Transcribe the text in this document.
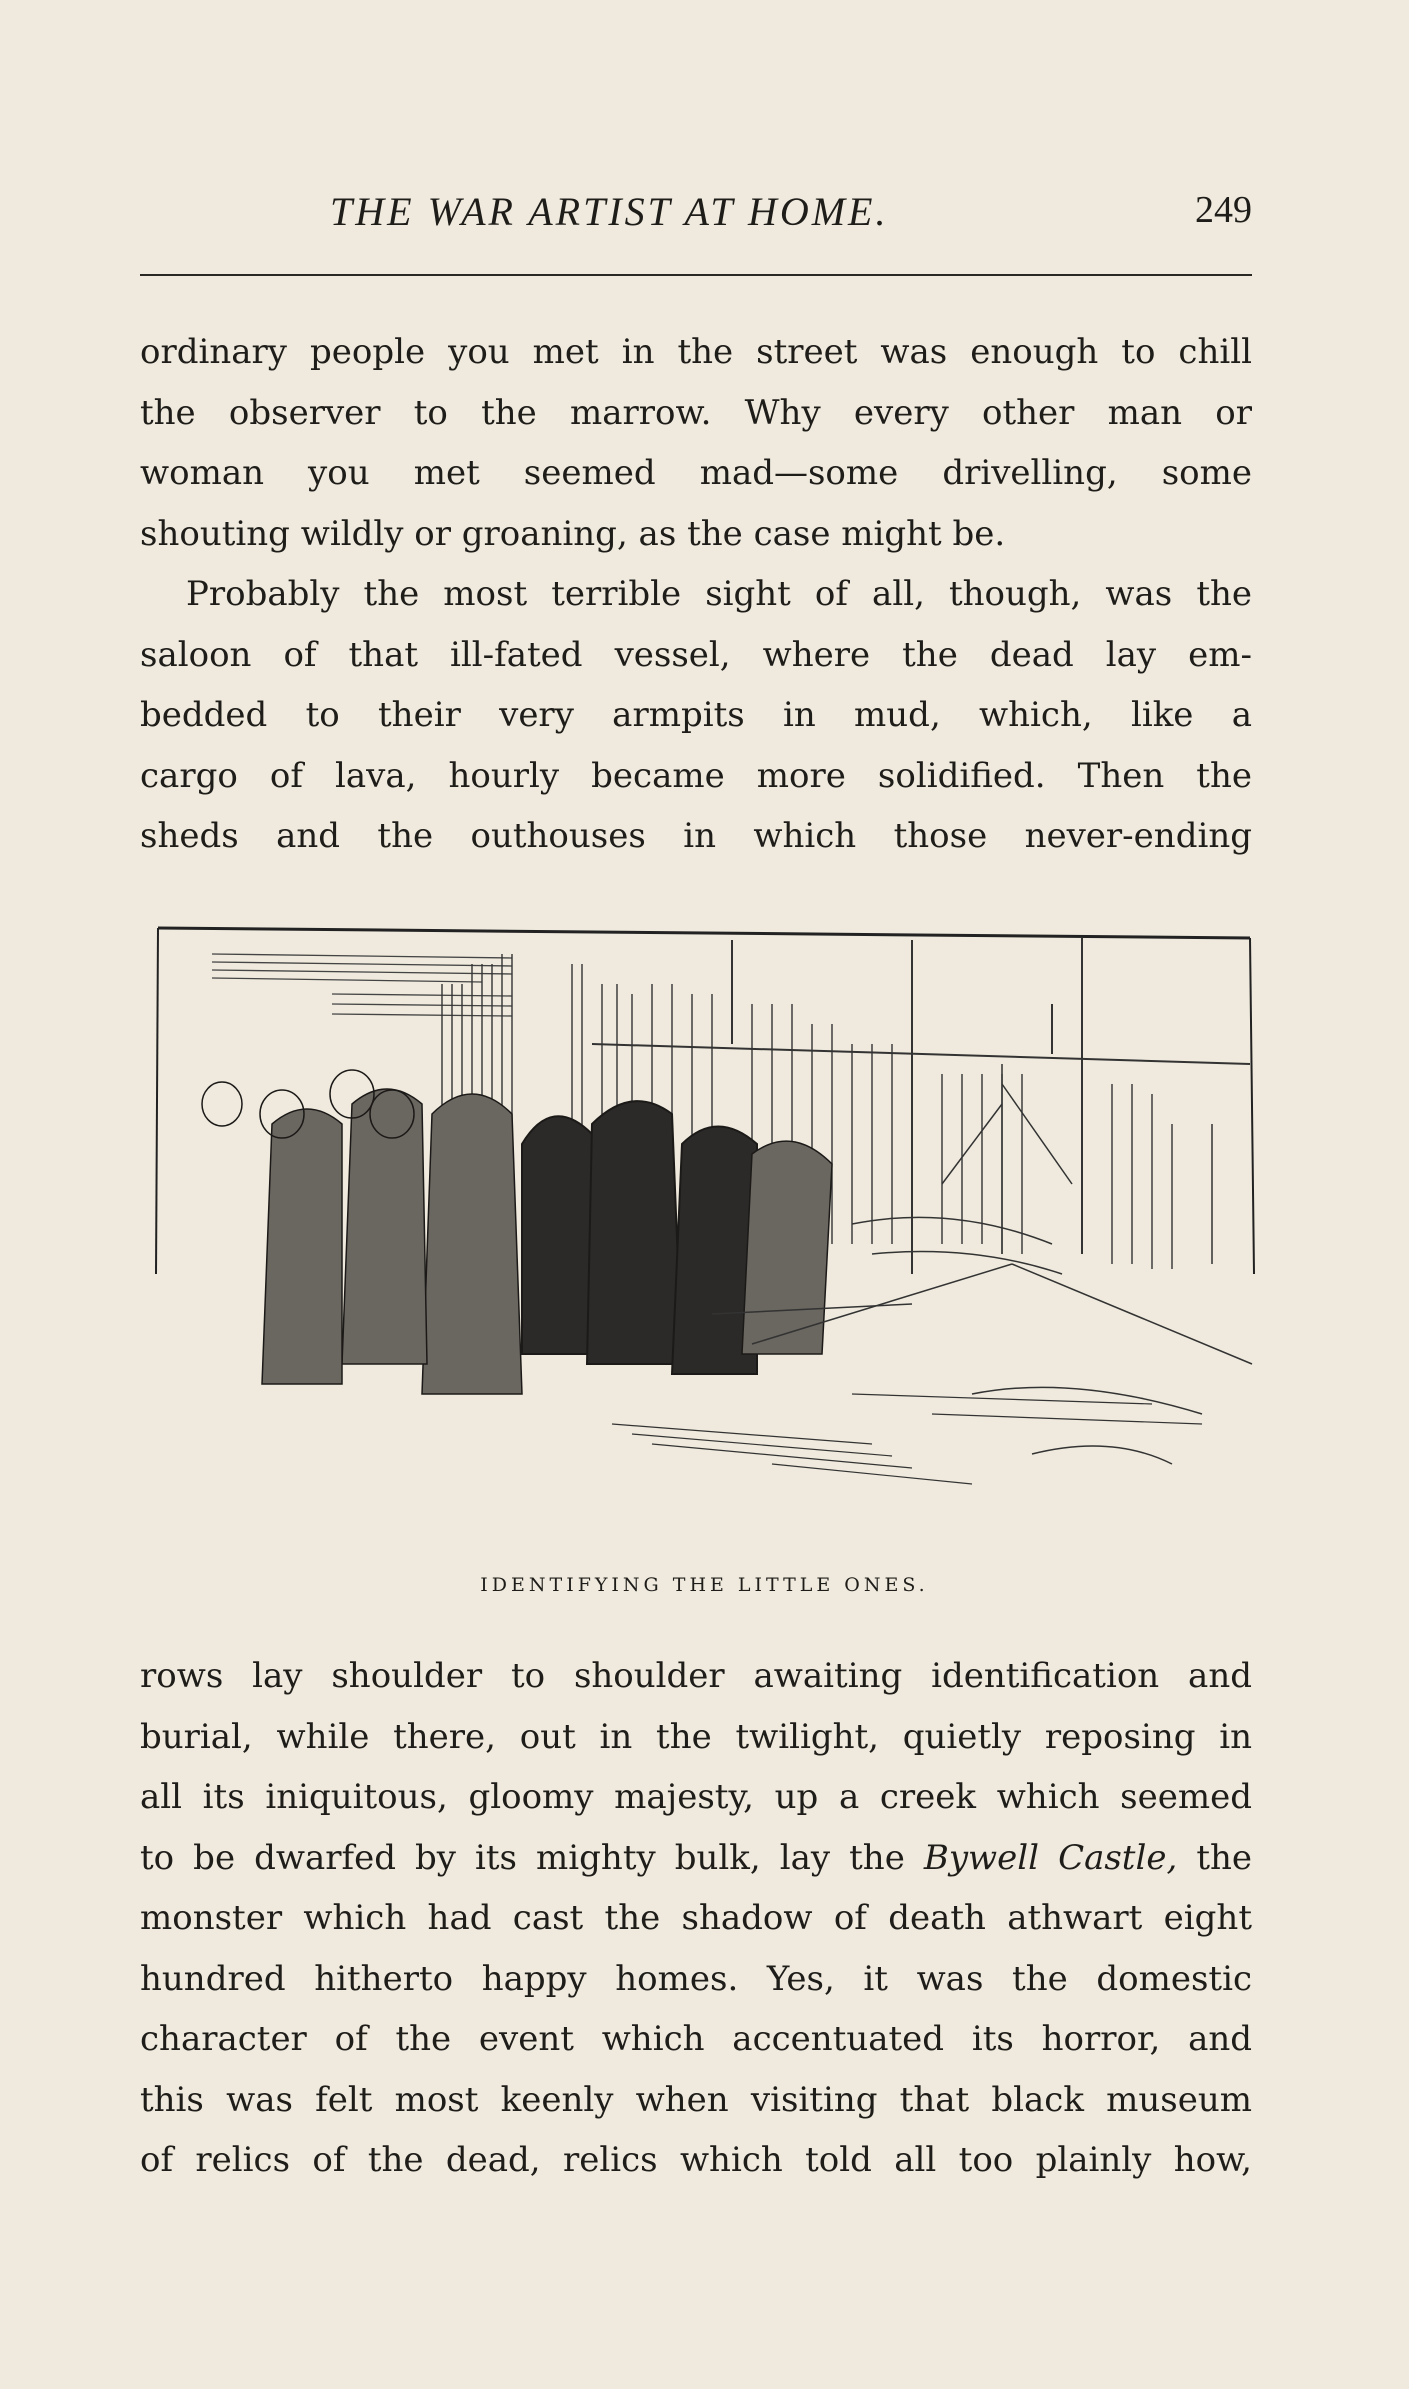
THE WAR ARTIST AT HOME.	249
ordinary people you met in the street was enough to chill
the observer to the marrow. Why every other man or
woman you met seemed mad—some drivelling, some
shouting wildly or groaning, as the case might be.
Probably the most terrible sight of all, though, was the
saloon of that ill-fated vessel, where the dead lay em-
bedded to their very armpits in mud, which, like a
cargo of lava, hourly became more solidified. Then the
sheds and the outhouses in which those never-ending
IDENTIFYING THE LITTLE ONES.
rows lay shoulder to shoulder awaiting identification and
burial, while there, out in the twilight, quietly reposing in
all its iniquitous, gloomy majesty, up a creek which seemed
to be dwarfed by its mighty bulk, lay the Bywell Castle, the
monster which had cast the shadow of death athwart eight
hundred hitherto happy homes. Yes, it was the domestic
character of the event which accentuated its horror, and
this was felt most keenly when visiting that black museum
of relics of the dead, relics which told all too plainly how,
